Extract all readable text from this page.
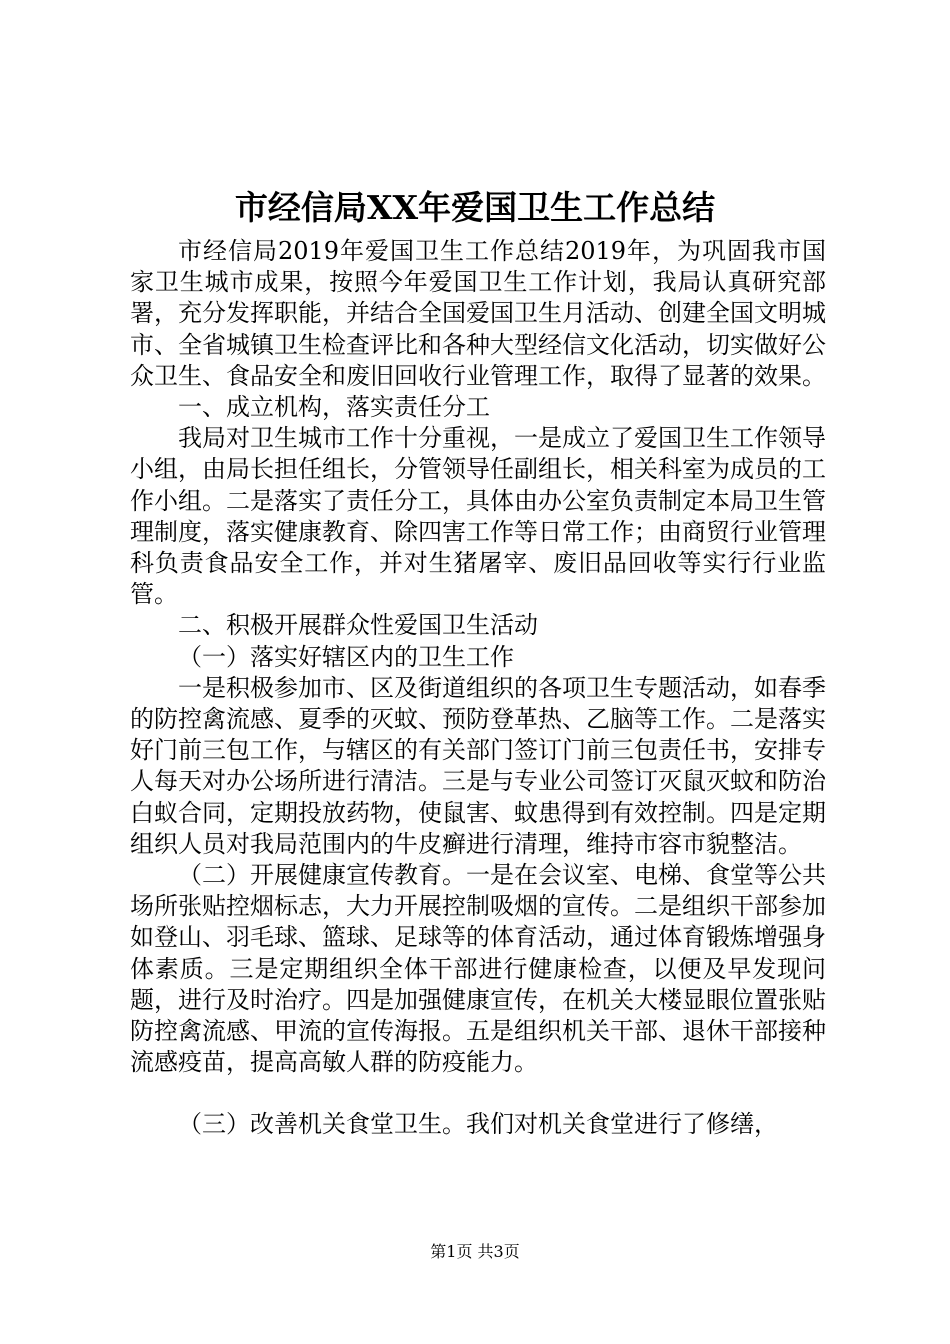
市经信局XX年爱国卫生工作总结

市经信局2019年爱国卫生工作总结2019年，为巩固我市国家卫生城市成果，按照今年爱国卫生工作计划，我局认真研究部署，充分发挥职能，并结合全国爱国卫生月活动、创建全国文明城市、全省城镇卫生检查评比和各种大型经信文化活动，切实做好公众卫生、食品安全和废旧回收行业管理工作，取得了显著的效果。

一、成立机构，落实责任分工

我局对卫生城市工作十分重视，一是成立了爱国卫生工作领导小组，由局长担任组长，分管领导任副组长，相关科室为成员的工作小组。二是落实了责任分工，具体由办公室负责制定本局卫生管理制度，落实健康教育、除四害工作等日常工作；由商贸行业管理科负责食品安全工作，并对生猪屠宰、废旧品回收等实行行业监管。

二、积极开展群众性爱国卫生活动

（一）落实好辖区内的卫生工作

一是积极参加市、区及街道组织的各项卫生专题活动，如春季的防控禽流感、夏季的灭蚊、预防登革热、乙脑等工作。二是落实好门前三包工作，与辖区的有关部门签订门前三包责任书，安排专人每天对办公场所进行清洁。三是与专业公司签订灭鼠灭蚊和防治白蚁合同，定期投放药物，使鼠害、蚊患得到有效控制。四是定期组织人员对我局范围内的牛皮癣进行清理，维持市容市貌整洁。

（二）开展健康宣传教育。一是在会议室、电梯、食堂等公共场所张贴控烟标志，大力开展控制吸烟的宣传。二是组织干部参加如登山、羽毛球、篮球、足球等的体育活动，通过体育锻炼增强身体素质。三是定期组织全体干部进行健康检查，以便及早发现问题，进行及时治疗。四是加强健康宣传，在机关大楼显眼位置张贴防控禽流感、甲流的宣传海报。五是组织机关干部、退休干部接种流感疫苗，提高高敏人群的防疫能力。

（三）改善机关食堂卫生。我们对机关食堂进行了修缮，

第1页 共3页
